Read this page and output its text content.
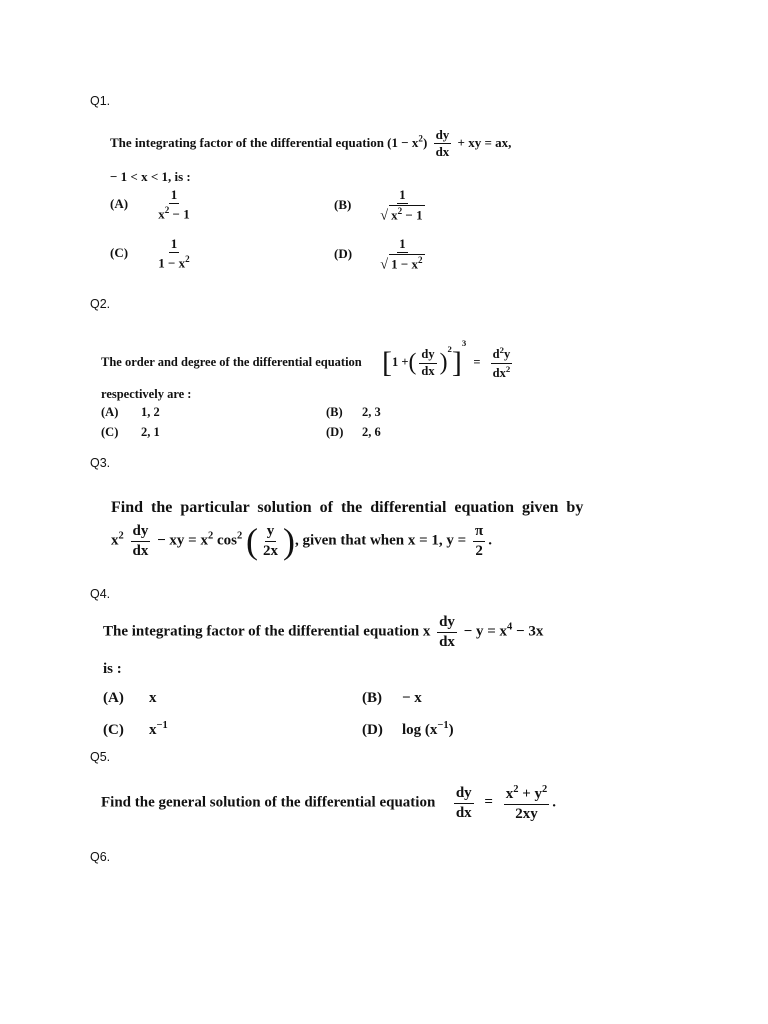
Q1.
The integrating factor of the differential equation $(1 - x^2) \frac{dy}{dx}$ + xy = ax,
− 1 < x < 1, is :
$(A) \frac{1}{x^2 - 1}$	$(B) \frac{1}{√ x^2 - 1}$
$(C) \frac{1}{1 - x^2}$	$(D) \frac{1}{√ 1 - x^2}$
Q2.
The order and degree of the differential equation [1 +( $\frac{dy}{dx} )^2]^3 = \frac{d^2y}{dx^2}$
respectively are :
(A) 1, 2	(B) 2, 3
(C) 2, 1	(D) 2, 6
Q3.
Find the particular solution of the differential equation given by
$x^2 \frac{dy}{dx}$ − xy = $x^2$ $\cos^2$ ( $\frac{y}{2x}$ ), given that when x = 1, $y = \frac{\pi}{2}$ .
Q4.
The integrating factor of the differential equation x $\frac{dy}{dx} - y = x^4 - 3x$
is :
(A) x	(B) − x
(C) $x^{-1}$	(D) $\log (x^{-1})$
Q5.
Find the general solution of the differential equation $\frac{dy}{dx} = \frac{x^2 + y^2}{2xy}$ .
Q6.
